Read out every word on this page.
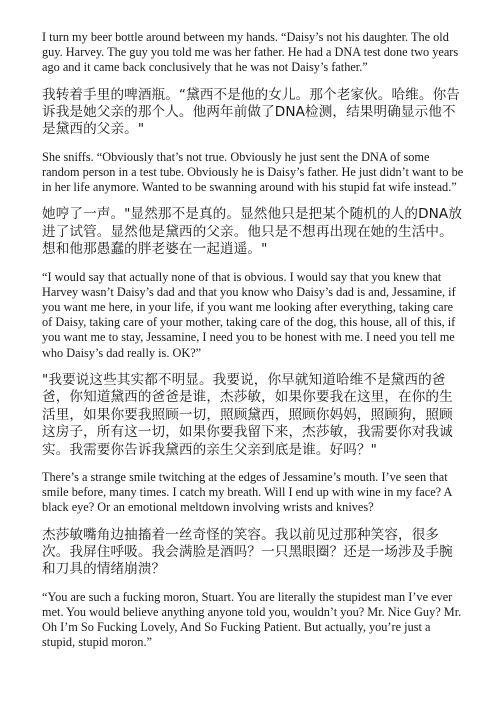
I turn my beer bottle around between my hands. “Daisy’s not his daughter. The old guy. Harvey. The guy you told me was her father. He had a DNA test done two years ago and it came back conclusively that he was not Daisy’s father.”

我转着手里的啤酒瓶。“黛西不是他的女儿。那个老家伙。哈维。你告诉我是她父亲的那个人。他两年前做了DNA检测，结果明确显示他不是黛西的父亲。"

She sniffs. “Obviously that’s not true. Obviously he just sent the DNA of some random person in a test tube. Obviously he is Daisy’s father. He just didn’t want to be in her life anymore. Wanted to be swanning around with his stupid fat wife instead.”

她哼了一声。"显然那不是真的。显然他只是把某个随机的人的DNA放进了试管。显然他是黛西的父亲。他只是不想再出现在她的生活中。想和他那愚蠢的胖老婆在一起逍遥。"

“I would say that actually none of that is obvious. I would say that you knew that Harvey wasn’t Daisy’s dad and that you know who Daisy’s dad is and, Jessamine, if you want me here, in your life, if you want me looking after everything, taking care of Daisy, taking care of your mother, taking care of the dog, this house, all of this, if you want me to stay, Jessamine, I need you to be honest with me. I need you tell me who Daisy’s dad really is. OK?”

"我要说这些其实都不明显。我要说，你早就知道哈维不是黛西的爸爸，你知道黛西的爸爸是谁，杰莎敏，如果你要我在这里，在你的生活里，如果你要我照顾一切，照顾黛西，照顾你妈妈，照顾狗，照顾这房子，所有这一切，如果你要我留下来，杰莎敏，我需要你对我诚实。我需要你告诉我黛西的亲生父亲到底是谁。好吗？"

There’s a strange smile twitching at the edges of Jessamine’s mouth. I’ve seen that smile before, many times. I catch my breath. Will I end up with wine in my face? A black eye? Or an emotional meltdown involving wrists and knives?

杰莎敏嘴角边抽搐着一丝奇怪的笑容。我以前见过那种笑容，很多次。我屏住呼吸。我会满脸是酒吗？一只黑眼圈？还是一场涉及手腕和刀具的情绪崩溃？

“You are such a fucking moron, Stuart. You are literally the stupidest man I’ve ever met. You would believe anything anyone told you, wouldn’t you? Mr. Nice Guy? Mr. Oh I’m So Fucking Lovely, And So Fucking Patient. But actually, you’re just a stupid, stupid moron.”
